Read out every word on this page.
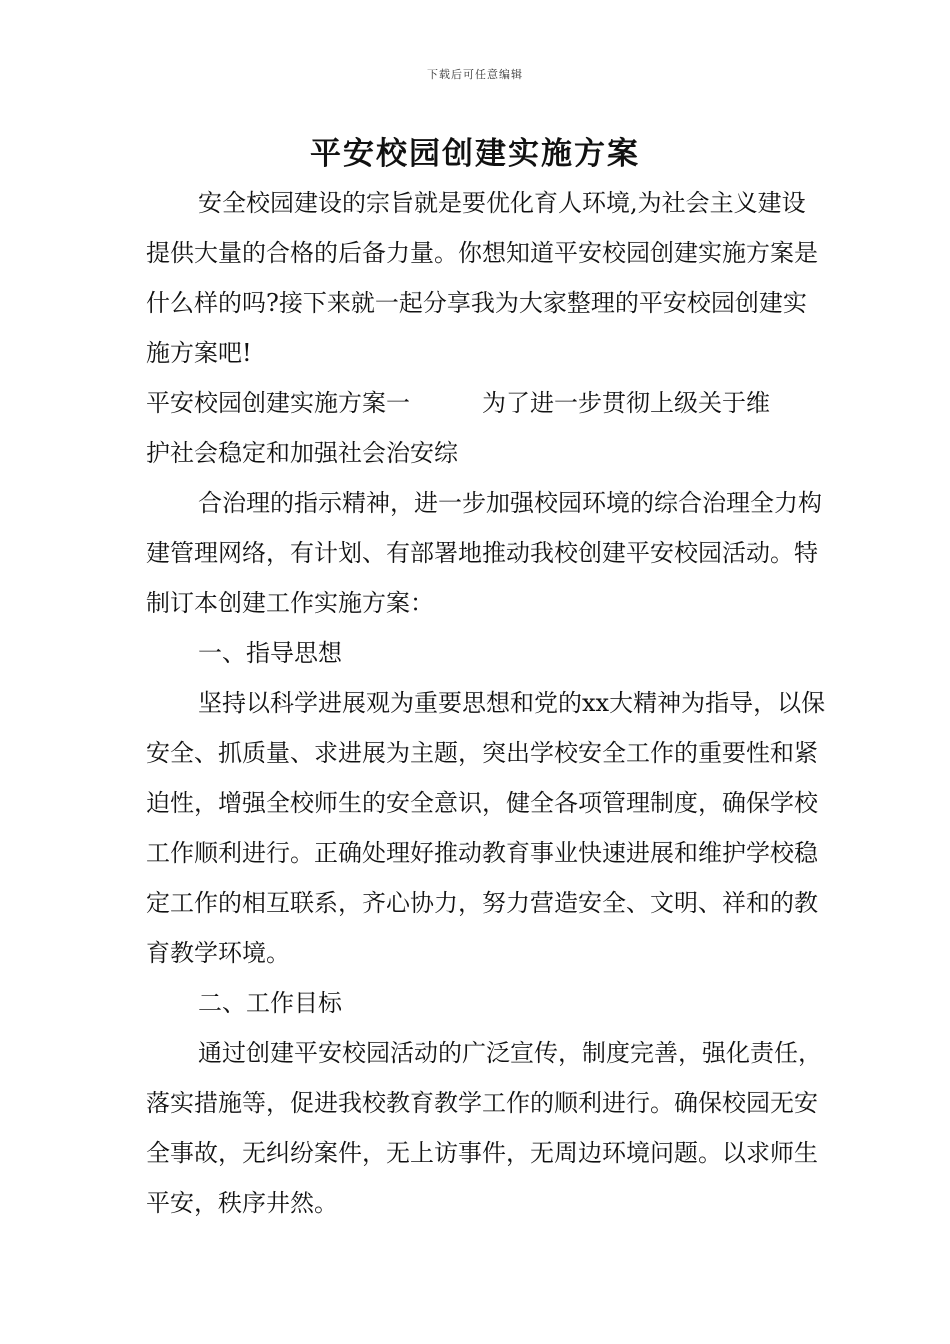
下载后可任意编辑
平安校园创建实施方案

安全校园建设的宗旨就是要优化育人环境,为社会主义建设提供大量的合格的后备力量。你想知道平安校园创建实施方案是什么样的吗?接下来就一起分享我为大家整理的平安校园创建实施方案吧!

平安校园创建实施方案一	为了进一步贯彻上级关于维

护社会稳定和加强社会治安综

合治理的指示精神，进一步加强校园环境的综合治理全力构建管理网络，有计划、有部署地推动我校创建平安校园活动。特制订本创建工作实施方案：

一、指导思想

坚持以科学进展观为重要思想和党的xx大精神为指导，以保安全、抓质量、求进展为主题，突出学校安全工作的重要性和紧迫性，增强全校师生的安全意识，健全各项管理制度，确保学校工作顺利进行。正确处理好推动教育事业快速进展和维护学校稳定工作的相互联系，齐心协力，努力营造安全、文明、祥和的教育教学环境。

二、工作目标

通过创建平安校园活动的广泛宣传，制度完善，强化责任，落实措施等，促进我校教育教学工作的顺利进行。确保校园无安全事故，无纠纷案件，无上访事件，无周边环境问题。以求师生平安，秩序井然。
